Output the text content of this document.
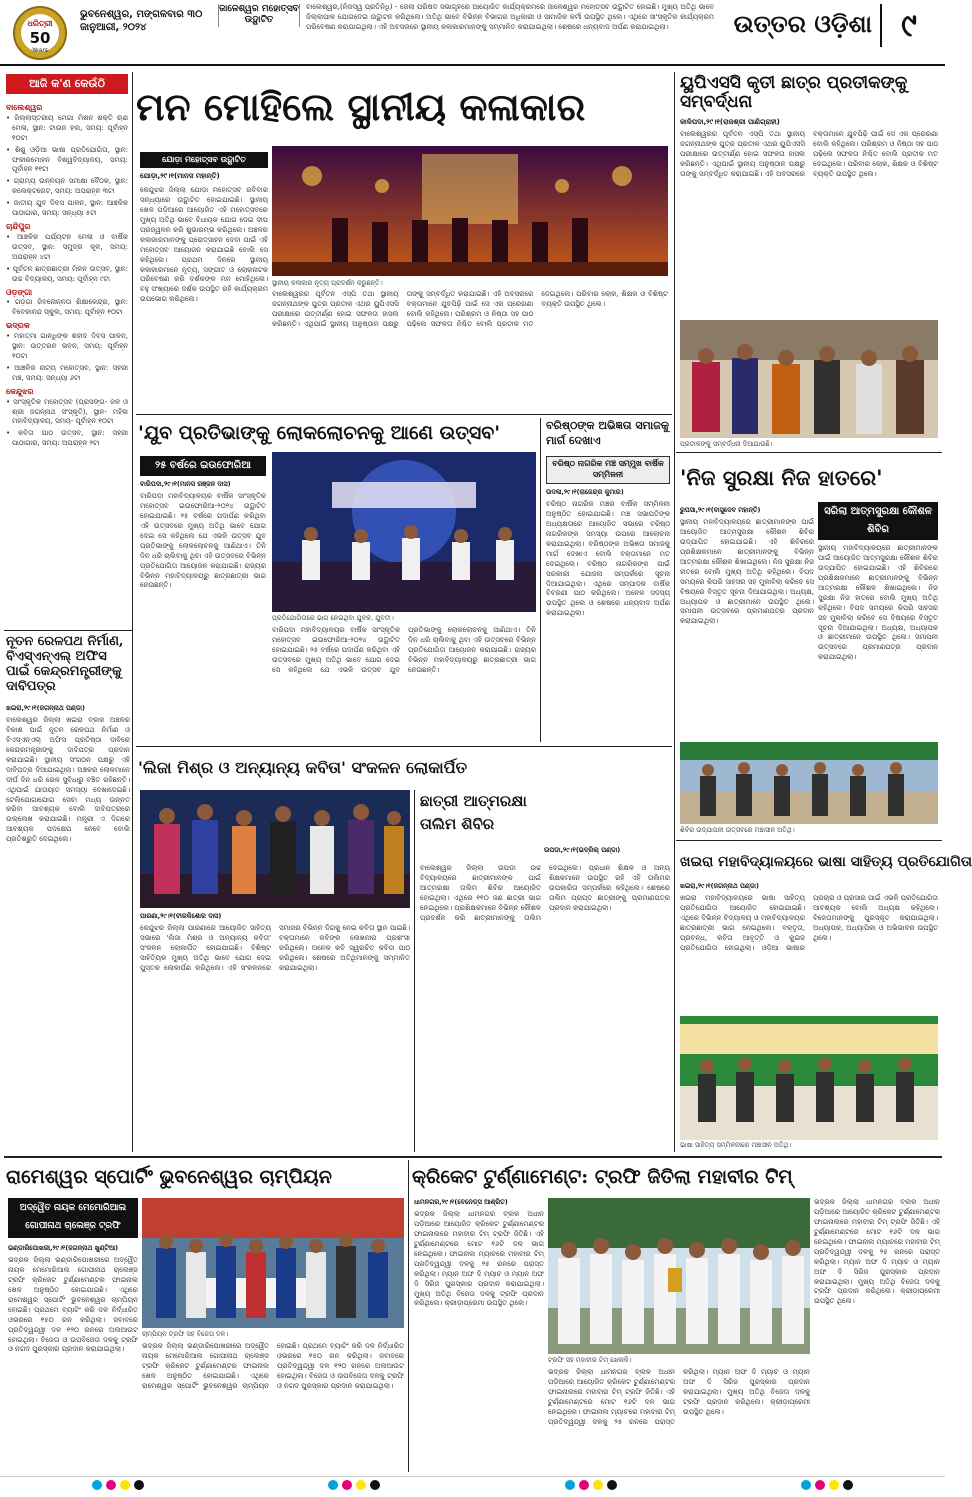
ଧରିତ୍ରୀ
50
Years
ଭୁବନେଶ୍ୱର, ମଙ୍ଗଳବାର ୩୦ ଜାନୁଆରୀ, ୨୦୨୪
ଜାଳେଶ୍ୱର ମହୋତ୍ସବ ଉଦ୍ଘାଟିତ
ବାଲେଶ୍ୱର,(ନିଜସ୍ୱ ପ୍ରତିନିଧି) - ଜେଲା ପରିଷଦ ସଭାଗୃହରେ ଆୟୋଜିତ କାର୍ଯ୍ୟକ୍ରମରେ ଜାଳେଶ୍ୱର ମହୋତ୍ସବ ଉଦ୍ଘାଟିତ ହୋଇଛି। ମୁଖ୍ୟ ଅତିଥି ଭାବେ ଜିଲ୍ଲାପାଳ ଯୋଗଦେଇ ଉଦ୍ଘାଟନ କରିଥିଲେ। ଅତିଥି ଭାବେ ବିଭିନ୍ନ ବିଭାଗର ଅଧିକାରୀ ଓ ସାମାଜିକ କର୍ମୀ ଉପସ୍ଥିତ ଥିଲେ। ଏଥିରେ ସାଂସ୍କୃତିକ କାର୍ଯ୍ୟକ୍ରମ ପରିବେଷଣ କରାଯାଇଥିଲା। ଏହି ଅବସରରେ ସ୍ଥାନୀୟ କଳାକାରମାନଙ୍କୁ ସମ୍ମାନିତ କରାଯାଇଥିଲା। ଶେଷରେ ଧନ୍ୟବାଦ ଅର୍ପଣ କରାଯାଇଥିଲା।	ଉତ୍ତର ଓଡ଼ିଶା ୯
ଆଜି କ'ଣ କେଉଁଠି
ବାଲେଶ୍ୱର
• ଜିଲ୍ଲାସ୍ତରୀୟ ମେଗା ମିଶନ ଶକ୍ତି ଋଣ ମେଳା, ସ୍ଥାନ: ଟାଉନ ହଲ, ସମୟ: ପୂର୍ବାହ୍ନ ୧୦ଟା
• ଶିଶୁ ଓଡ଼ିଆ ଭାଷା ପ୍ରତିଯୋଗିତା, ସ୍ଥାନ: ଫକୀରମୋହନ ବିଶ୍ୱବିଦ୍ୟାଳୟ, ସମୟ: ପୂର୍ବାହ୍ନ ୧୧ଟା
• ଗ୍ରାମ୍ୟ ଉନ୍ନୟନ ସମୀକ୍ଷା ବୈଠକ, ସ୍ଥାନ: କଲେକ୍ଟରେଟ, ସମୟ: ଅପରାହ୍ନ ୩ଟା
• ଜାତୀୟ ଯୁବ ଦିବସ ପାଳନ, ସ୍ଥାନ: ଆଞ୍ଚଳିକ ପାଠାଗାର, ସମୟ: ସନ୍ଧ୍ୟା ୫ଟା
ଚାନ୍ଦିପୁର
• ଆଞ୍ଚଳିକ ପର୍ଯ୍ୟଟନ ମେଳା ଓ ବାର୍ଷିକ ଉତ୍ସବ, ସ୍ଥାନ: ସମୁଦ୍ର କୂଳ, ସମୟ: ଅପରାହ୍ନ ୪ଟା
• ପୂର୍ବତନ ଛାତ୍ରଛାତ୍ରୀ ମିଳନ ଉତ୍ସବ, ସ୍ଥାନ: ଉଚ୍ଚ ବିଦ୍ୟାଳୟ, ସମୟ: ପୂର୍ବାହ୍ନ ୯ଟା
ଓଡ଼ଙ୍ଗା
• ଗଡ଼ଗା ଜିବନୋନ୍ନତା ଶିକ୍ଷାକେନ୍ଦ୍ର, ସ୍ଥାନ: ବିବେକାନନ୍ଦ ସ୍କୁଲ, ସମୟ: ପୂର୍ବାହ୍ନ ୧୦ଟା
ଭଦ୍ରକ
• ମହାତ୍ମା ଗାନ୍ଧିଙ୍କ ଶହୀଦ ଦିବସ ପାଳନ, ସ୍ଥାନ: ଉତ୍ତରନ ଭବନ, ସମୟ: ପୂର୍ବାହ୍ନ ୧୦ଟା
• ଆଞ୍ଚଳିକ ନାଟ୍ୟ ମହୋତ୍ସବ, ସ୍ଥାନ: ସହରୀ ମଞ୍ଚ, ସମୟ: ସନ୍ଧ୍ୟା ୬ଟା
କେନ୍ଦୁଝର
• ସାଂସ୍କୃତିକ ମହୋତ୍ସବ (ପ୍ରସଙ୍ଗ- ଜଳ ଓ ଶ୍ରୀ ଜଗନ୍ନାଥ ସଂସ୍କୃତି), ସ୍ଥାନ- ମହିଳା ମହାବିଦ୍ୟାଳୟ, ସମୟ- ପୂର୍ବାହ୍ନ ୧୦ଟା
• କବିତା ପାଠ ଉତ୍ସବ, ସ୍ଥାନ: ସହରୀ ପାଠାଗାର, ସମୟ: ଅପରାହ୍ନ ୨ଟା
ମନ ମୋହିଲେ ସ୍ଥାନୀୟ କଳାକାର
ଯୋଡ଼ା ମହୋତ୍ସବ ଉଦ୍ଘାଟିତ
ଯୋଡ଼ା,୨୯।୧(ମାନସ ମହାନ୍ତି)
କେନ୍ଦୁଝର ଜିଲ୍ଲା ଯୋଡ଼ା ମହୋତ୍ସବ ରବିବାର ସନ୍ଧ୍ୟାରେ ଉଦ୍ଘାଟିତ ହୋଇଯାଇଛି। ସ୍ଥାନୀୟ ଖେଳ ପଡ଼ିଆରେ ଆୟୋଜିତ ଏହି ମହୋତ୍ସବରେ ମୁଖ୍ୟ ଅତିଥି ଭାବେ ବିଧାୟକ ଯୋଗ ଦେଇ ଦୀପ ପ୍ରଜ୍ୱଳନ କରି ଶୁଭାରମ୍ଭ କରିଥିଲେ। ଅଞ୍ଚଳର କଳାକାରମାନଙ୍କୁ ପ୍ରୋତ୍ସାହନ ଦେବା ପାଇଁ ଏହି ମହୋତ୍ସବ ଆୟୋଜନ କରାଯାଇଛି ବୋଲି ସେ କହିଥିଲେ। ପ୍ରଥମ ଦିନରେ ସ୍ଥାନୀୟ କଳାକାରମାନେ ନୃତ୍ୟ, ସଙ୍ଗୀତ ଓ ଲୋକନାଟକ ପରିବେଷଣ କରି ଦର୍ଶକଙ୍କ ମନ ମୋହିଥିଲେ। ବହୁ ସଂଖ୍ୟାରେ ଦର୍ଶକ ଉପସ୍ଥିତ ରହି କାର୍ଯ୍ୟକ୍ରମ ଉପଭୋଗ କରିଥିଲେ।
ସ୍ଥାନୀୟ କଳାକାର ନୃତ୍ୟ ପ୍ରଦର୍ଶନ କରୁଛନ୍ତି।
ବାଲେଶ୍ୱରର ପୂର୍ବତନ ଏସ୍ପି ତଥା ସ୍ଥାନୀୟ ଜଗନ୍ନାଥଙ୍କ ପୁତ୍ର ପ୍ରତୀକ ଏଥର ୟୁପିଏସସି ପରୀକ୍ଷାରେ ଉତ୍ତୀର୍ଣ୍ଣ ହୋଇ ସଫଳତା ହାସଲ କରିଛନ୍ତି। ଏଥିପାଇଁ ସ୍ଥାନୀୟ ଅନୁଷ୍ଠାନ ପକ୍ଷରୁ ତାଙ୍କୁ ସମ୍ବର୍ଦ୍ଧିତ କରାଯାଇଛି। ଏହି ଅବସରରେ ବକ୍ତାମାନେ ଯୁବପିଢ଼ି ପାଇଁ ସେ ଏକ ପ୍ରେରଣା ବୋଲି କହିଥିଲେ। ପରିଶ୍ରମ ଓ ନିଷ୍ଠା ସହ ପାଠ ପଢ଼ିଲେ ସଫଳତା ନିଶ୍ଚିତ ବୋଲି ପ୍ରତୀକ ମତ ଦେଇଥିଲେ। ପରିବାର ଲୋକ, ଶିକ୍ଷକ ଓ ବିଶିଷ୍ଟ ବ୍ୟକ୍ତି ଉପସ୍ଥିତ ଥିଲେ।
ୟୁପିଏସସି କୃତୀ ଛାତ୍ର ପ୍ରତୀକଙ୍କୁ ସମ୍ବର୍ଦ୍ଧନା
କାଳିପଦା,୨୯।୧(ରାଜଶ୍ରୀ ପାଣିଗ୍ରାହୀ)
ବାଲେଶ୍ୱରର ପୂର୍ବତନ ଏସ୍ପି ତଥା ସ୍ଥାନୀୟ ଜଗନ୍ନାଥଙ୍କ ପୁତ୍ର ପ୍ରତୀକ ଏଥର ୟୁପିଏସସି ପରୀକ୍ଷାରେ ଉତ୍ତୀର୍ଣ୍ଣ ହୋଇ ସଫଳତା ହାସଲ କରିଛନ୍ତି। ଏଥିପାଇଁ ସ୍ଥାନୀୟ ଅନୁଷ୍ଠାନ ପକ୍ଷରୁ ତାଙ୍କୁ ସମ୍ବର୍ଦ୍ଧିତ କରାଯାଇଛି। ଏହି ଅବସରରେ ବକ୍ତାମାନେ ଯୁବପିଢ଼ି ପାଇଁ ସେ ଏକ ପ୍ରେରଣା ବୋଲି କହିଥିଲେ। ପରିଶ୍ରମ ଓ ନିଷ୍ଠା ସହ ପାଠ ପଢ଼ିଲେ ସଫଳତା ନିଶ୍ଚିତ ବୋଲି ପ୍ରତୀକ ମତ ଦେଇଥିଲେ। ପରିବାର ଲୋକ, ଶିକ୍ଷକ ଓ ବିଶିଷ୍ଟ ବ୍ୟକ୍ତି ଉପସ୍ଥିତ ଥିଲେ।
ପ୍ରତୀକଙ୍କୁ ସମ୍ବର୍ଦ୍ଧନା ଦିଆଯାଉଛି।
'ଯୁବ ପ୍ରତିଭାଙ୍କୁ ଲୋକଲୋଚନକୁ ଆଣେ ଉତ୍ସବ'
୨୫ ବର୍ଷରେ ଇଉଫୋରିଆ
ବାରିପଦା,୨୯।୧(ମାନସ ରଞ୍ଜନ ଦାସ)
ବାରିପଦା ମହାବିଦ୍ୟାଳୟର ବାର୍ଷିକ ସାଂସ୍କୃତିକ ମହୋତ୍ସବ ଇଉଫୋରିଆ-୨୦୨୪ ଉଦ୍ଘାଟିତ ହୋଇଯାଇଛି। ୨୫ ବର୍ଷରେ ପଦାର୍ପଣ କରିଥିବା ଏହି ଉତ୍ସବରେ ମୁଖ୍ୟ ଅତିଥି ଭାବେ ଯୋଗ ଦେଇ ସେ କହିଥିଲେ ଯେ ଏଭଳି ଉତ୍ସବ ଯୁବ ପ୍ରତିଭାଙ୍କୁ ଲୋକଲୋଚନକୁ ଆଣିଥାଏ। ତିନି ଦିନ ଧରି ଚାଲିବାକୁ ଥିବା ଏହି ଉତ୍ସବରେ ବିଭିନ୍ନ ପ୍ରତିଯୋଗିତା ଆୟୋଜନ କରାଯାଇଛି। ରାଜ୍ୟର ବିଭିନ୍ନ ମହାବିଦ୍ୟାଳୟରୁ ଛାତ୍ରଛାତ୍ରୀ ଭାଗ ନେଉଛନ୍ତି।
ପ୍ରତିଯୋଗିତାରେ ଭାଗ ନେଇଥିବା ଯୁବକ, ଯୁବତୀ।
ବାରିପଦା ମହାବିଦ୍ୟାଳୟର ବାର୍ଷିକ ସାଂସ୍କୃତିକ ମହୋତ୍ସବ ଇଉଫୋରିଆ-୨୦୨୪ ଉଦ୍ଘାଟିତ ହୋଇଯାଇଛି। ୨୫ ବର୍ଷରେ ପଦାର୍ପଣ କରିଥିବା ଏହି ଉତ୍ସବରେ ମୁଖ୍ୟ ଅତିଥି ଭାବେ ଯୋଗ ଦେଇ ସେ କହିଥିଲେ ଯେ ଏଭଳି ଉତ୍ସବ ଯୁବ ପ୍ରତିଭାଙ୍କୁ ଲୋକଲୋଚନକୁ ଆଣିଥାଏ। ତିନି ଦିନ ଧରି ଚାଲିବାକୁ ଥିବା ଏହି ଉତ୍ସବରେ ବିଭିନ୍ନ ପ୍ରତିଯୋଗିତା ଆୟୋଜନ କରାଯାଇଛି। ରାଜ୍ୟର ବିଭିନ୍ନ ମହାବିଦ୍ୟାଳୟରୁ ଛାତ୍ରଛାତ୍ରୀ ଭାଗ ନେଉଛନ୍ତି।
ବରିଷ୍ଠଙ୍କ ଅଭିଜ୍ଞତା ସମାଜକୁ ମାର୍ଗ ଦେଖାଏ
ବରିଷ୍ଠ ନାଗରିକ ମଞ୍ଚ ସମ୍ମୁଖ ବାର୍ଷିକ ସମ୍ମିଳନୀ
ଉଦଳା,୨୯।୧(ରାଜେନ୍ଦ୍ର କୁମାର)
ବରିଷ୍ଠ ନାଗରିକ ମଞ୍ଚର ବାର୍ଷିକ ସମ୍ମିଳନୀ ଅନୁଷ୍ଠିତ ହୋଇଯାଇଛି। ମଞ୍ଚ ସଭାପତିଙ୍କ ଅଧ୍ୟକ୍ଷତାରେ ଆୟୋଜିତ ସଭାରେ ବରିଷ୍ଠ ନାଗରିକଙ୍କ ସମସ୍ୟା ଉପରେ ଆଲୋଚନା କରାଯାଇଥିଲା। ବରିଷ୍ଠଙ୍କ ଅଭିଜ୍ଞତା ସମାଜକୁ ମାର୍ଗ ଦେଖାଏ ବୋଲି ବକ୍ତାମାନେ ମତ ଦେଇଥିଲେ। ବରିଷ୍ଠ ନାଗରିକଙ୍କ ପାଇଁ ସରକାରୀ ଯୋଜନା ସମ୍ପର୍କରେ ସୂଚନା ଦିଆଯାଇଥିଲା। ଏଥିରେ ସମ୍ପାଦକ ବାର୍ଷିକ ବିବରଣୀ ପାଠ କରିଥିଲେ। ଅନେକ ସଦସ୍ୟ ଉପସ୍ଥିତ ଥିଲେ ଓ ଶେଷରେ ଧନ୍ୟବାଦ ଅର୍ପଣ କରାଯାଇଥିଲା।
'ନିଜ ସୁରକ୍ଷା ନିଜ ହାତରେ'
ରୁପସା,୨୯।୧(ବାସୁଦେବ ମହାନ୍ତି)	ସରିଲା ଆତ୍ମସୁରକ୍ଷା କୌଶଳ ଶିବିର
ସ୍ଥାନୀୟ ମହାବିଦ୍ୟାଳୟରେ ଛାତ୍ରୀମାନଙ୍କ ପାଇଁ ଆୟୋଜିତ ଆତ୍ମସୁରକ୍ଷା କୌଶଳ ଶିବିର ଉଦ୍ଯାପିତ ହୋଇଯାଇଛି। ଏହି ଶିବିରରେ ପ୍ରଶିକ୍ଷକମାନେ ଛାତ୍ରୀମାନଙ୍କୁ ବିଭିନ୍ନ ଆତ୍ମରକ୍ଷା କୌଶଳ ଶିଖାଇଥିଲେ। ନିଜ ସୁରକ୍ଷା ନିଜ ହାତରେ ବୋଲି ମୁଖ୍ୟ ଅତିଥି କହିଥିଲେ। ବିପଦ ସମୟରେ କିପରି ସାହସର ସହ ମୁକାବିଲା କରିବେ ସେ ବିଷୟରେ ବିସ୍ତୃତ ସୂଚନା ଦିଆଯାଇଥିଲା। ଅଧ୍ୟକ୍ଷ, ଅଧ୍ୟାପକ ଓ ଛାତ୍ରୀମାନେ ଉପସ୍ଥିତ ଥିଲେ। ସମାପନୀ ଉତ୍ସବରେ ପ୍ରମାଣପତ୍ର ପ୍ରଦାନ କରାଯାଇଥିଲା।
ସ୍ଥାନୀୟ ମହାବିଦ୍ୟାଳୟରେ ଛାତ୍ରୀମାନଙ୍କ ପାଇଁ ଆୟୋଜିତ ଆତ୍ମସୁରକ୍ଷା କୌଶଳ ଶିବିର ଉଦ୍ଯାପିତ ହୋଇଯାଇଛି। ଏହି ଶିବିରରେ ପ୍ରଶିକ୍ଷକମାନେ ଛାତ୍ରୀମାନଙ୍କୁ ବିଭିନ୍ନ ଆତ୍ମରକ୍ଷା କୌଶଳ ଶିଖାଇଥିଲେ। ନିଜ ସୁରକ୍ଷା ନିଜ ହାତରେ ବୋଲି ମୁଖ୍ୟ ଅତିଥି କହିଥିଲେ। ବିପଦ ସମୟରେ କିପରି ସାହସର ସହ ମୁକାବିଲା କରିବେ ସେ ବିଷୟରେ ବିସ୍ତୃତ ସୂଚନା ଦିଆଯାଇଥିଲା। ଅଧ୍ୟକ୍ଷ, ଅଧ୍ୟାପକ ଓ ଛାତ୍ରୀମାନେ ଉପସ୍ଥିତ ଥିଲେ। ସମାପନୀ ଉତ୍ସବରେ ପ୍ରମାଣପତ୍ର ପ୍ରଦାନ କରାଯାଇଥିଲା।
ଶିବିର ଉଦ୍ଯାପନୀ ଉତ୍ସବରେ ମଞ୍ଚାସୀନ ଅତିଥି।
ନୂତନ ରେଳପଥ ନିର୍ମାଣ, ବିଏସ୍ଏନ୍ଏଲ୍ ଅଫିସ ପାଇଁ କେନ୍ଦ୍ରମନ୍ତ୍ରୀଙ୍କୁ ଦାବିପତ୍ର
ଖଇରା,୨୯।୧(ଜଗନ୍ନାଥ ପଣ୍ଡା)
ବାଲେଶ୍ୱର ଜିଲ୍ଲା ଖଇରା ବ୍ଲକ ଅଞ୍ଚଳର ବିକାଶ ପାଇଁ ନୂତନ ରେଳପଥ ନିର୍ମାଣ ଓ ବିଏସ୍ଏନ୍ଏଲ୍ ଅଫିସ ପ୍ରତିଷ୍ଠା ଦାବିରେ କେନ୍ଦ୍ରମନ୍ତ୍ରୀଙ୍କୁ ଦାବିପତ୍ର ପ୍ରଦାନ କରାଯାଇଛି। ସ୍ଥାନୀୟ ସଂଗଠନ ପକ୍ଷରୁ ଏହି ଦାବିପତ୍ର ଦିଆଯାଇଥିଲା। ଅଞ୍ଚଳର ଲୋକମାନେ ଦୀର୍ଘ ଦିନ ଧରି ରେଳ ସୁବିଧାରୁ ବଞ୍ଚିତ ରହିଛନ୍ତି। ଏଥିପାଇଁ ଯାତାୟାତ ସମସ୍ୟା ଦେଖାଦେଇଛି। ଟେଲିଯୋଗାଯୋଗ ସେବା ମଧ୍ୟ ଉନ୍ନତ କରିବା ଆବଶ୍ୟକ ବୋଲି ଦାବିପତ୍ରରେ ଉଲ୍ଲେଖ କରାଯାଇଛି। ମନ୍ତ୍ରୀ ଏ ଦିଗରେ ଆବଶ୍ୟକ ପଦକ୍ଷେପ ନେବେ ବୋଲି ପ୍ରତିଶ୍ରୁତି ଦେଇଥିଲେ।
'ଲିଜା ମିଶ୍ର ଓ ଅନ୍ୟାନ୍ୟ କବିତା' ସଂକଳନ ଲୋକାର୍ପିତ
ପାରଣା,୨୯।୧(ବୀରକିଶୋର ଦାସ)
କେନ୍ଦୁଝର ଜିଲ୍ଲା ପାରଣାରେ ଆୟୋଜିତ ସାହିତ୍ୟ ସଭାରେ 'ଲିଜା ମିଶ୍ର ଓ ଅନ୍ୟାନ୍ୟ କବିତା' ସଂକଳନ ଲୋକାର୍ପିତ ହୋଇଯାଇଛି। ବିଶିଷ୍ଟ ସାହିତ୍ୟିକ ମୁଖ୍ୟ ଅତିଥି ଭାବେ ଯୋଗ ଦେଇ ପୁସ୍ତକ ଲୋକାର୍ପଣ କରିଥିଲେ। ଏହି ସଂକଳନରେ ସମାଜର ବିଭିନ୍ନ ଦିଗକୁ ନେଇ କବିତା ସ୍ଥାନ ପାଇଛି। ବକ୍ତାମାନେ କବିଙ୍କ ଲେଖନୀର ପ୍ରଶଂସା କରିଥିଲେ। ଅନେକ କବି ସ୍ୱରଚିତ କବିତା ପାଠ କରିଥିଲେ। ଶେଷରେ ଅତିଥିମାନଙ୍କୁ ସମ୍ମାନିତ କରାଯାଇଥିଲା।
ଛାତ୍ରୀ ଆତ୍ମରକ୍ଷା ତାଲିମ ଶିବିର
ଉପଡା,୨୯।୧(ଭଦ୍ରିଲ୍ ପଣ୍ଡା)
ବାଲେଶ୍ୱର ଜିଲ୍ଲା ଉପଡା ଉଚ୍ଚ ବିଦ୍ୟାଳୟରେ ଛାତ୍ରୀମାନଙ୍କ ପାଇଁ ଆତ୍ମରକ୍ଷା ତାଲିମ ଶିବିର ଆୟୋଜିତ ହୋଇଥିଲା। ଏଥିରେ ୧୧୦ ଜଣ ଛାତ୍ରୀ ଭାଗ ନେଇଥିଲେ। ପ୍ରଶିକ୍ଷକମାନେ ବିଭିନ୍ନ କୌଶଳ ପ୍ରଦର୍ଶନ କରି ଛାତ୍ରୀମାନଙ୍କୁ ତାଲିମ ଦେଇଥିଲେ। ପ୍ରଧାନ ଶିକ୍ଷକ ଓ ଅନ୍ୟ ଶିକ୍ଷକମାନେ ଉପସ୍ଥିତ ରହି ଏହି ତାଲିମର ଉପକାରିତା ସମ୍ପର୍କରେ କହିଥିଲେ। ଶେଷରେ ତାଲିମ ପ୍ରାପ୍ତ ଛାତ୍ରୀଙ୍କୁ ପ୍ରମାଣପତ୍ର ପ୍ରଦାନ କରାଯାଇଥିଲା।
ଖଇରା ମହାବିଦ୍ୟାଳୟରେ ଭାଷା ସାହିତ୍ୟ ପ୍ରତିଯୋଗିତା
ଖଇରା,୨୯।୧(ଜଗନ୍ନାଥ ପଣ୍ଡା)
ଖଇରା ମହାବିଦ୍ୟାଳୟରେ ଭାଷା ସାହିତ୍ୟ ପ୍ରତିଯୋଗିତା ଆୟୋଜିତ ହୋଇଯାଇଛି। ଏଥିରେ ବିଭିନ୍ନ ବିଦ୍ୟାଳୟ ଓ ମହାବିଦ୍ୟାଳୟର ଛାତ୍ରଛାତ୍ରୀ ଭାଗ ନେଇଥିଲେ। ବକ୍ତୃତା, ପ୍ରବନ୍ଧ, କବିତା ଆବୃତ୍ତି ଓ କୁଇଜ ପ୍ରତିଯୋଗିତା ହୋଇଥିଲା। ଓଡ଼ିଆ ଭାଷାର ପ୍ରଚାର ଓ ପ୍ରସାର ପାଇଁ ଏଭଳି ପ୍ରତିଯୋଗିତା ଆବଶ୍ୟକ ବୋଲି ଅଧ୍ୟକ୍ଷ କହିଥିଲେ। ବିଜେତାମାନଙ୍କୁ ପୁରସ୍କୃତ କରାଯାଇଥିଲା। ଅଧ୍ୟାପକ, ଅଧ୍ୟାପିକା ଓ ଅଭିଭାବକ ଉପସ୍ଥିତ ଥିଲେ।
ଭାଷା ସାହିତ୍ୟ ସମ୍ମିଳନୀରେ ମଞ୍ଚାସୀନ ଅତିଥି।
ରାମେଶ୍ୱର ସ୍ପୋର୍ଟିଂ ଭୁବନେଶ୍ୱର ଚାମ୍ପିୟନ
ଅଦ୍ୱୈତ ନାୟକ ମେମୋରିଆଲ ଗୋପୀନାଥ ଚାଲେଞ୍ଜ ଟ୍ରଫି
ଭଣ୍ଡାରିପୋଖରୀ,୨୯।୧(ଜଗନ୍ନାଥ ଖୁଣ୍ଟିଆ)
ଭଦ୍ରକ ଜିଲ୍ଲା ଭଣ୍ଡାରିପୋଖରୀରେ ଅଦ୍ୱୈତ ନାୟକ ମେମୋରିଆଲ ଗୋପୀନାଥ ଚାଲେଞ୍ଜ ଟ୍ରଫି କ୍ରିକେଟ ଟୁର୍ଣ୍ଣାମେଣ୍ଟର ଫାଇନାଲ ଖେଳ ଅନୁଷ୍ଠିତ ହୋଇଯାଇଛି। ଏଥିରେ ରାମେଶ୍ୱର ସ୍ପୋର୍ଟିଂ ଭୁବନେଶ୍ୱର ଚାମ୍ପିୟନ ହୋଇଛି। ପ୍ରଥମେ ବ୍ୟାଟିଂ କରି ଦଳ ନିର୍ଦ୍ଧାରିତ ଓଭରରେ ୧୫୦ ରନ କରିଥିଲା। ଜବାବରେ ପ୍ରତିଦ୍ୱନ୍ଦ୍ୱୀ ଦଳ ୧୨୦ ରନରେ ଅଲଆଉଟ ହୋଇଥିଲା। ବିଜେତା ଓ ଉପବିଜେତା ଦଳକୁ ଟ୍ରଫି ଓ ନଗଦ ପୁରସ୍କାର ପ୍ରଦାନ କରାଯାଇଥିଲା।
ଚାମ୍ପିୟନ ଟ୍ରଫି ସହ ବିଜେତା ଦଳ।
ଭଦ୍ରକ ଜିଲ୍ଲା ଭଣ୍ଡାରିପୋଖରୀରେ ଅଦ୍ୱୈତ ନାୟକ ମେମୋରିଆଲ ଗୋପୀନାଥ ଚାଲେଞ୍ଜ ଟ୍ରଫି କ୍ରିକେଟ ଟୁର୍ଣ୍ଣାମେଣ୍ଟର ଫାଇନାଲ ଖେଳ ଅନୁଷ୍ଠିତ ହୋଇଯାଇଛି। ଏଥିରେ ରାମେଶ୍ୱର ସ୍ପୋର୍ଟିଂ ଭୁବନେଶ୍ୱର ଚାମ୍ପିୟନ ହୋଇଛି। ପ୍ରଥମେ ବ୍ୟାଟିଂ କରି ଦଳ ନିର୍ଦ୍ଧାରିତ ଓଭରରେ ୧୫୦ ରନ କରିଥିଲା। ଜବାବରେ ପ୍ରତିଦ୍ୱନ୍ଦ୍ୱୀ ଦଳ ୧୨୦ ରନରେ ଅଲଆଉଟ ହୋଇଥିଲା। ବିଜେତା ଓ ଉପବିଜେତା ଦଳକୁ ଟ୍ରଫି ଓ ନଗଦ ପୁରସ୍କାର ପ୍ରଦାନ କରାଯାଇଥିଲା।
କ୍ରିକେଟ ଟୁର୍ଣ୍ଣାମେଣ୍ଟ: ଟ୍ରଫି ଜିତିଲା ମହାବୀର ଟିମ୍
ଧାମନଗର,୨୯।୧(ବେନେଡ୍ସ ଆଶ୍ରିତ)
ଭଦ୍ରକ ଜିଲ୍ଲା ଧାମନଗର ବ୍ଲକ ଅଧୀନ ପଡ଼ିଆରେ ଆୟୋଜିତ କ୍ରିକେଟ ଟୁର୍ଣ୍ଣାମେଣ୍ଟର ଫାଇନାଲରେ ମହାବୀର ଟିମ୍ ଟ୍ରଫି ଜିତିଛି। ଏହି ଟୁର୍ଣ୍ଣାମେଣ୍ଟରେ ମୋଟ ୧୬ଟି ଦଳ ଭାଗ ନେଇଥିଲେ। ଫାଇନାଲ ମ୍ୟାଚରେ ମହାବୀର ଟିମ୍ ପ୍ରତିଦ୍ୱନ୍ଦ୍ୱୀ ଦଳକୁ ୨୫ ରନରେ ପରାସ୍ତ କରିଥିଲା। ମ୍ୟାନ ଅଫ ଦି ମ୍ୟାଚ ଓ ମ୍ୟାନ ଅଫ ଦି ସିରିଜ ପୁରସ୍କାର ପ୍ରଦାନ କରାଯାଇଥିଲା। ମୁଖ୍ୟ ଅତିଥି ବିଜେତା ଦଳକୁ ଟ୍ରଫି ପ୍ରଦାନ କରିଥିଲେ। କ୍ରୀଡ଼ାପ୍ରେମୀ ଉପସ୍ଥିତ ଥିଲେ।
ଟ୍ରଫି ସହ ମହାବୀର ଟିମ୍ ଖେଳାଳି।
ଭଦ୍ରକ ଜିଲ୍ଲା ଧାମନଗର ବ୍ଲକ ଅଧୀନ ପଡ଼ିଆରେ ଆୟୋଜିତ କ୍ରିକେଟ ଟୁର୍ଣ୍ଣାମେଣ୍ଟର ଫାଇନାଲରେ ମହାବୀର ଟିମ୍ ଟ୍ରଫି ଜିତିଛି। ଏହି ଟୁର୍ଣ୍ଣାମେଣ୍ଟରେ ମୋଟ ୧୬ଟି ଦଳ ଭାଗ ନେଇଥିଲେ। ଫାଇନାଲ ମ୍ୟାଚରେ ମହାବୀର ଟିମ୍ ପ୍ରତିଦ୍ୱନ୍ଦ୍ୱୀ ଦଳକୁ ୨୫ ରନରେ ପରାସ୍ତ କରିଥିଲା। ମ୍ୟାନ ଅଫ ଦି ମ୍ୟାଚ ଓ ମ୍ୟାନ ଅଫ ଦି ସିରିଜ ପୁରସ୍କାର ପ୍ରଦାନ କରାଯାଇଥିଲା। ମୁଖ୍ୟ ଅତିଥି ବିଜେତା ଦଳକୁ ଟ୍ରଫି ପ୍ରଦାନ କରିଥିଲେ। କ୍ରୀଡ଼ାପ୍ରେମୀ ଉପସ୍ଥିତ ଥିଲେ।
ଭଦ୍ରକ ଜିଲ୍ଲା ଧାମନଗର ବ୍ଲକ ଅଧୀନ ପଡ଼ିଆରେ ଆୟୋଜିତ କ୍ରିକେଟ ଟୁର୍ଣ୍ଣାମେଣ୍ଟର ଫାଇନାଲରେ ମହାବୀର ଟିମ୍ ଟ୍ରଫି ଜିତିଛି। ଏହି ଟୁର୍ଣ୍ଣାମେଣ୍ଟରେ ମୋଟ ୧୬ଟି ଦଳ ଭାଗ ନେଇଥିଲେ। ଫାଇନାଲ ମ୍ୟାଚରେ ମହାବୀର ଟିମ୍ ପ୍ରତିଦ୍ୱନ୍ଦ୍ୱୀ ଦଳକୁ ୨୫ ରନରେ ପରାସ୍ତ କରିଥିଲା। ମ୍ୟାନ ଅଫ ଦି ମ୍ୟାଚ ଓ ମ୍ୟାନ ଅଫ ଦି ସିରିଜ ପୁରସ୍କାର ପ୍ରଦାନ କରାଯାଇଥିଲା। ମୁଖ୍ୟ ଅତିଥି ବିଜେତା ଦଳକୁ ଟ୍ରଫି ପ୍ରଦାନ କରିଥିଲେ। କ୍ରୀଡ଼ାପ୍ରେମୀ ଉପସ୍ଥିତ ଥିଲେ।
